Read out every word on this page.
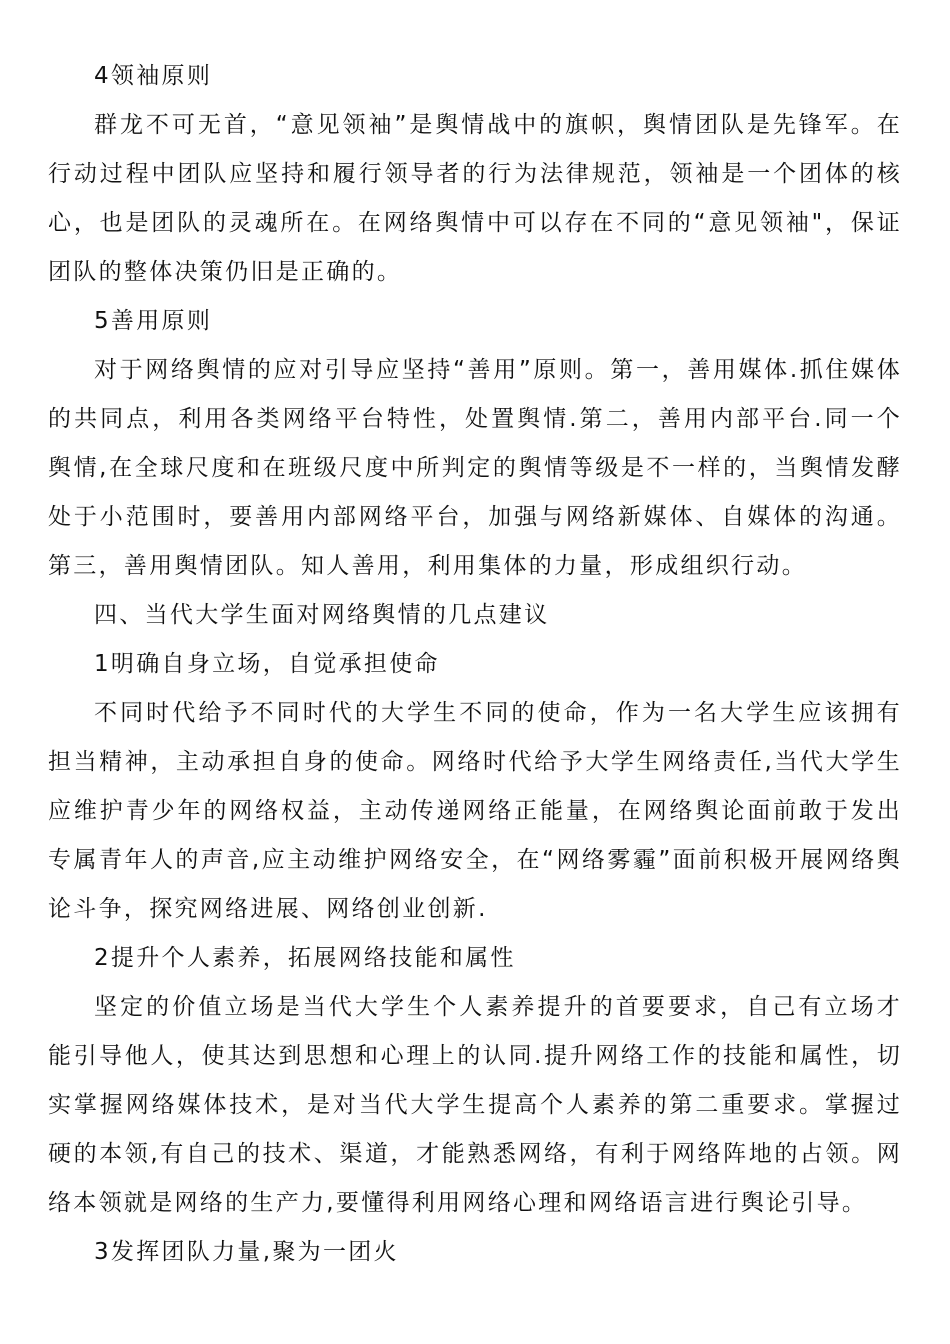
4领袖原则

群龙不可无首，“意见领袖”是舆情战中的旗帜，舆情团队是先锋军。在行动过程中团队应坚持和履行领导者的行为法律规范，领袖是一个团体的核心，也是团队的灵魂所在。在网络舆情中可以存在不同的“意见领袖"，保证团队的整体决策仍旧是正确的。

5善用原则

对于网络舆情的应对引导应坚持“善用”原则。第一，善用媒体.抓住媒体的共同点，利用各类网络平台特性，处置舆情.第二，善用内部平台.同一个舆情,在全球尺度和在班级尺度中所判定的舆情等级是不一样的，当舆情发酵处于小范围时，要善用内部网络平台，加强与网络新媒体、自媒体的沟通。第三，善用舆情团队。知人善用，利用集体的力量，形成组织行动。

四、当代大学生面对网络舆情的几点建议

1明确自身立场，自觉承担使命

不同时代给予不同时代的大学生不同的使命，作为一名大学生应该拥有担当精神，主动承担自身的使命。网络时代给予大学生网络责任,当代大学生应维护青少年的网络权益，主动传递网络正能量，在网络舆论面前敢于发出专属青年人的声音,应主动维护网络安全，在“网络雾霾”面前积极开展网络舆论斗争，探究网络进展、网络创业创新.

2提升个人素养，拓展网络技能和属性

坚定的价值立场是当代大学生个人素养提升的首要要求，自己有立场才能引导他人，使其达到思想和心理上的认同.提升网络工作的技能和属性，切实掌握网络媒体技术，是对当代大学生提高个人素养的第二重要求。掌握过硬的本领,有自己的技术、渠道，才能熟悉网络，有利于网络阵地的占领。网络本领就是网络的生产力,要懂得利用网络心理和网络语言进行舆论引导。

3发挥团队力量,聚为一团火
